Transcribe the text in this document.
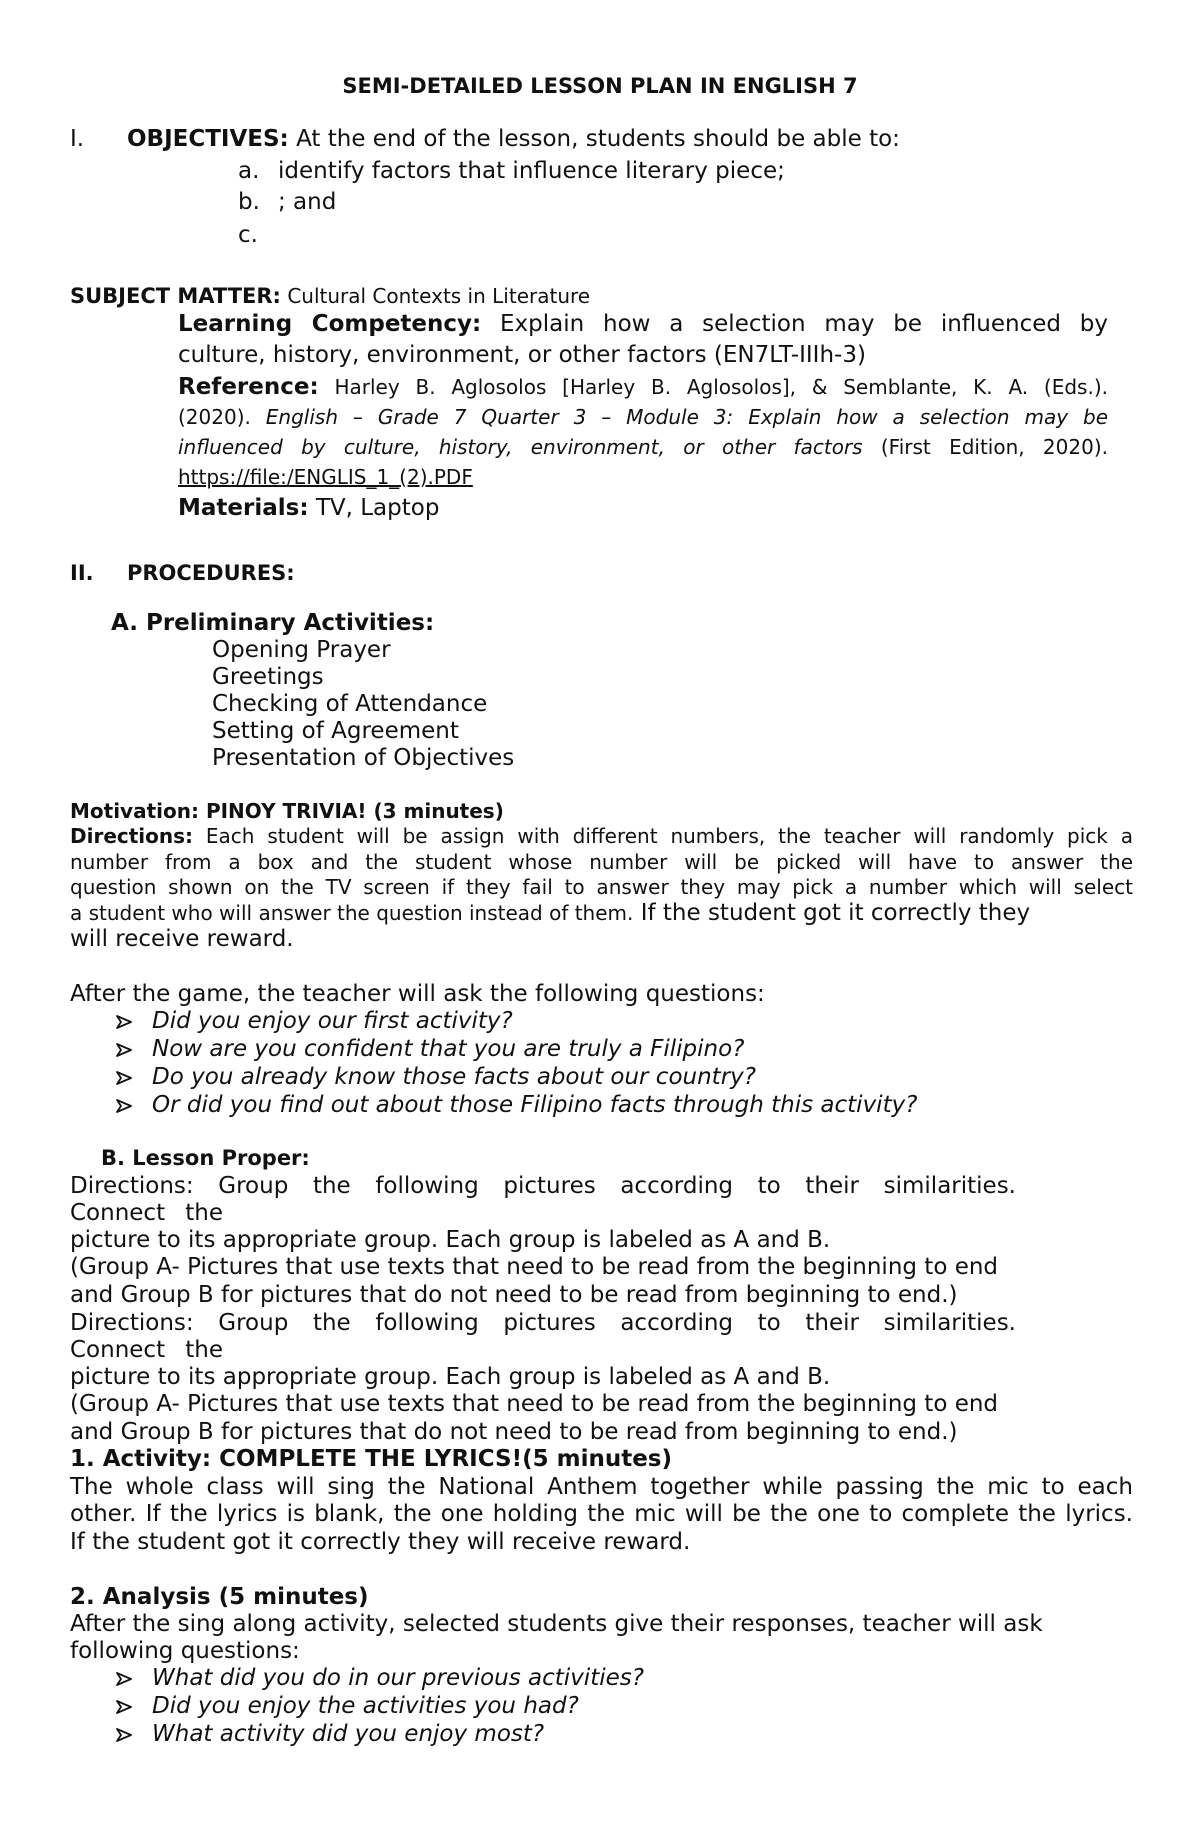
SEMI-DETAILED LESSON PLAN IN ENGLISH 7
I. OBJECTIVES: At the end of the lesson, students should be able to:
a. identify factors that influence literary piece;
b. ; and
c.
SUBJECT MATTER: Cultural Contexts in Literature
Learning Competency: Explain how a selection may be influenced by
culture, history, environment, or other factors (EN7LT-IIIh-3)
Reference: Harley B. Aglosolos [Harley B. Aglosolos], & Semblante, K. A. (Eds.).
(2020). English – Grade 7 Quarter 3 – Module 3: Explain how a selection may be
influenced by culture, history, environment, or other factors (First Edition, 2020).
https://file:/ENGLIS_1_(2).PDF
Materials: TV, Laptop
II. PROCEDURES:
A. Preliminary Activities:
Opening Prayer
Greetings
Checking of Attendance
Setting of Agreement
Presentation of Objectives
Motivation: PINOY TRIVIA! (3 minutes)
Directions: Each student will be assign with different numbers, the teacher will randomly pick a
number from a box and the student whose number will be picked will have to answer the
question shown on the TV screen if they fail to answer they may pick a number which will select
a student who will answer the question instead of them. If the student got it correctly they
will receive reward.
After the game, the teacher will ask the following questions:
Did you enjoy our first activity?
Now are you confident that you are truly a Filipino?
Do you already know those facts about our country?
Or did you find out about those Filipino facts through this activity?
B. Lesson Proper:
Directions: Group the following pictures according to their similarities.
Connect the
picture to its appropriate group. Each group is labeled as A and B.
(Group A- Pictures that use texts that need to be read from the beginning to end
and Group B for pictures that do not need to be read from beginning to end.)
Directions: Group the following pictures according to their similarities.
Connect the
picture to its appropriate group. Each group is labeled as A and B.
(Group A- Pictures that use texts that need to be read from the beginning to end
and Group B for pictures that do not need to be read from beginning to end.)
1. Activity: COMPLETE THE LYRICS!(5 minutes)
The whole class will sing the National Anthem together while passing the mic to each
other. If the lyrics is blank, the one holding the mic will be the one to complete the lyrics.
If the student got it correctly they will receive reward.
2. Analysis (5 minutes)
After the sing along activity, selected students give their responses, teacher will ask
following questions:
What did you do in our previous activities?
Did you enjoy the activities you had?
What activity did you enjoy most?
